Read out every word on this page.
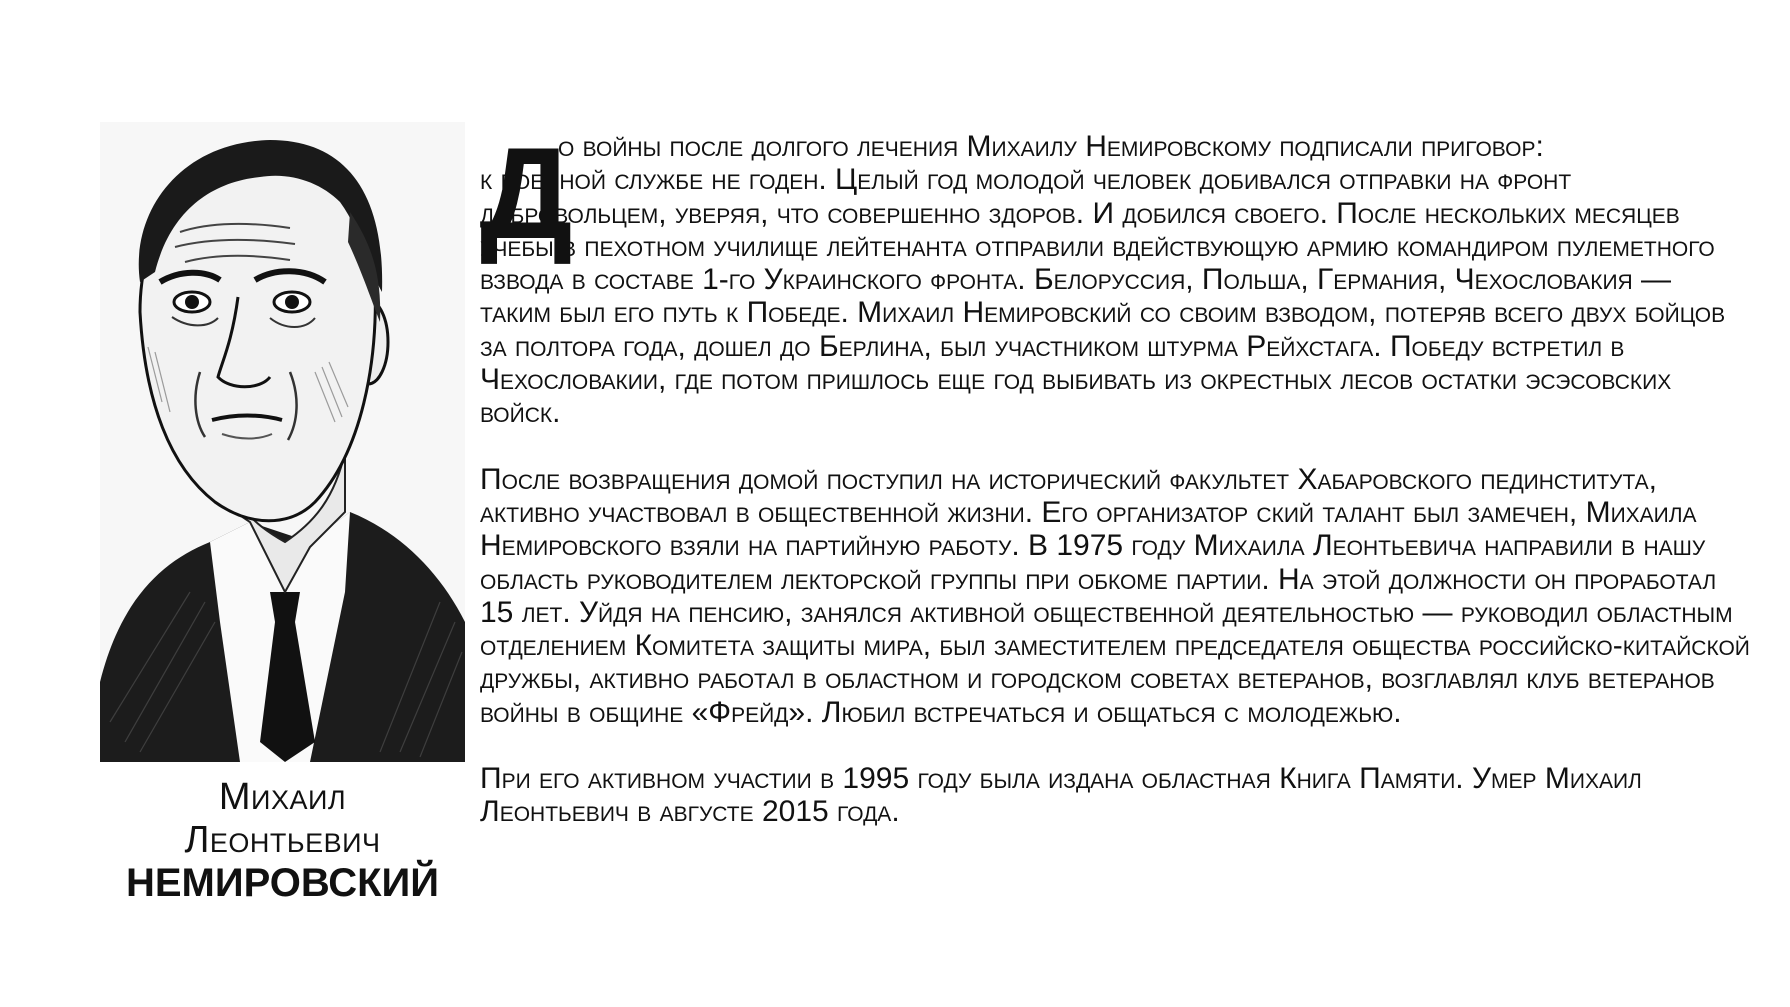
Михаил
Леонтьевич
НЕМИРОВСКИЙ

Д
о войны после долгого лечения Михаилу Немировскому подписали приговор:
к военной службе не годен. Целый год молодой человек добивался отправки на фронт добровольцем, уверяя, что совершенно здоров. И добился своего. После нескольких месяцев учебы в пехотном училище лейтенанта отправили вдействующую армию командиром пулеметного взвода в составе 1-го Украинского фронта. Белоруссия, Польша, Германия, Чехословакия — таким был его путь к Победе. Михаил Немировский со своим взводом, потеряв всего двух бойцов за полтора года, дошел до Берлина, был участником штурма Рейхстага. Победу встретил в Чехословакии, где потом пришлось еще год выбивать из окрестных лесов остатки эсэсовских войск.

После возвращения домой поступил на исторический факультет Хабаровского пединститута, активно участвовал в общественной жизни. Его организатор ский талант был замечен, Михаила Немировского взяли на партийную работу. В 1975 году Михаила Леонтьевича направили в нашу область руководителем лекторской группы при обкоме партии. На этой должности он проработал 15 лет. Уйдя на пенсию, занялся активной общественной деятельностью — руководил областным отделением Комитета защиты мира, был заместителем председателя общества российско-китайской дружбы, активно работал в областном и городском советах ветеранов, возглавлял клуб ветеранов войны в общине «Фрейд». Любил встречаться и общаться с молодежью.

При его активном участии в 1995 году была издана областная Книга Памяти. Умер Михаил Леонтьевич в августе 2015 года.
